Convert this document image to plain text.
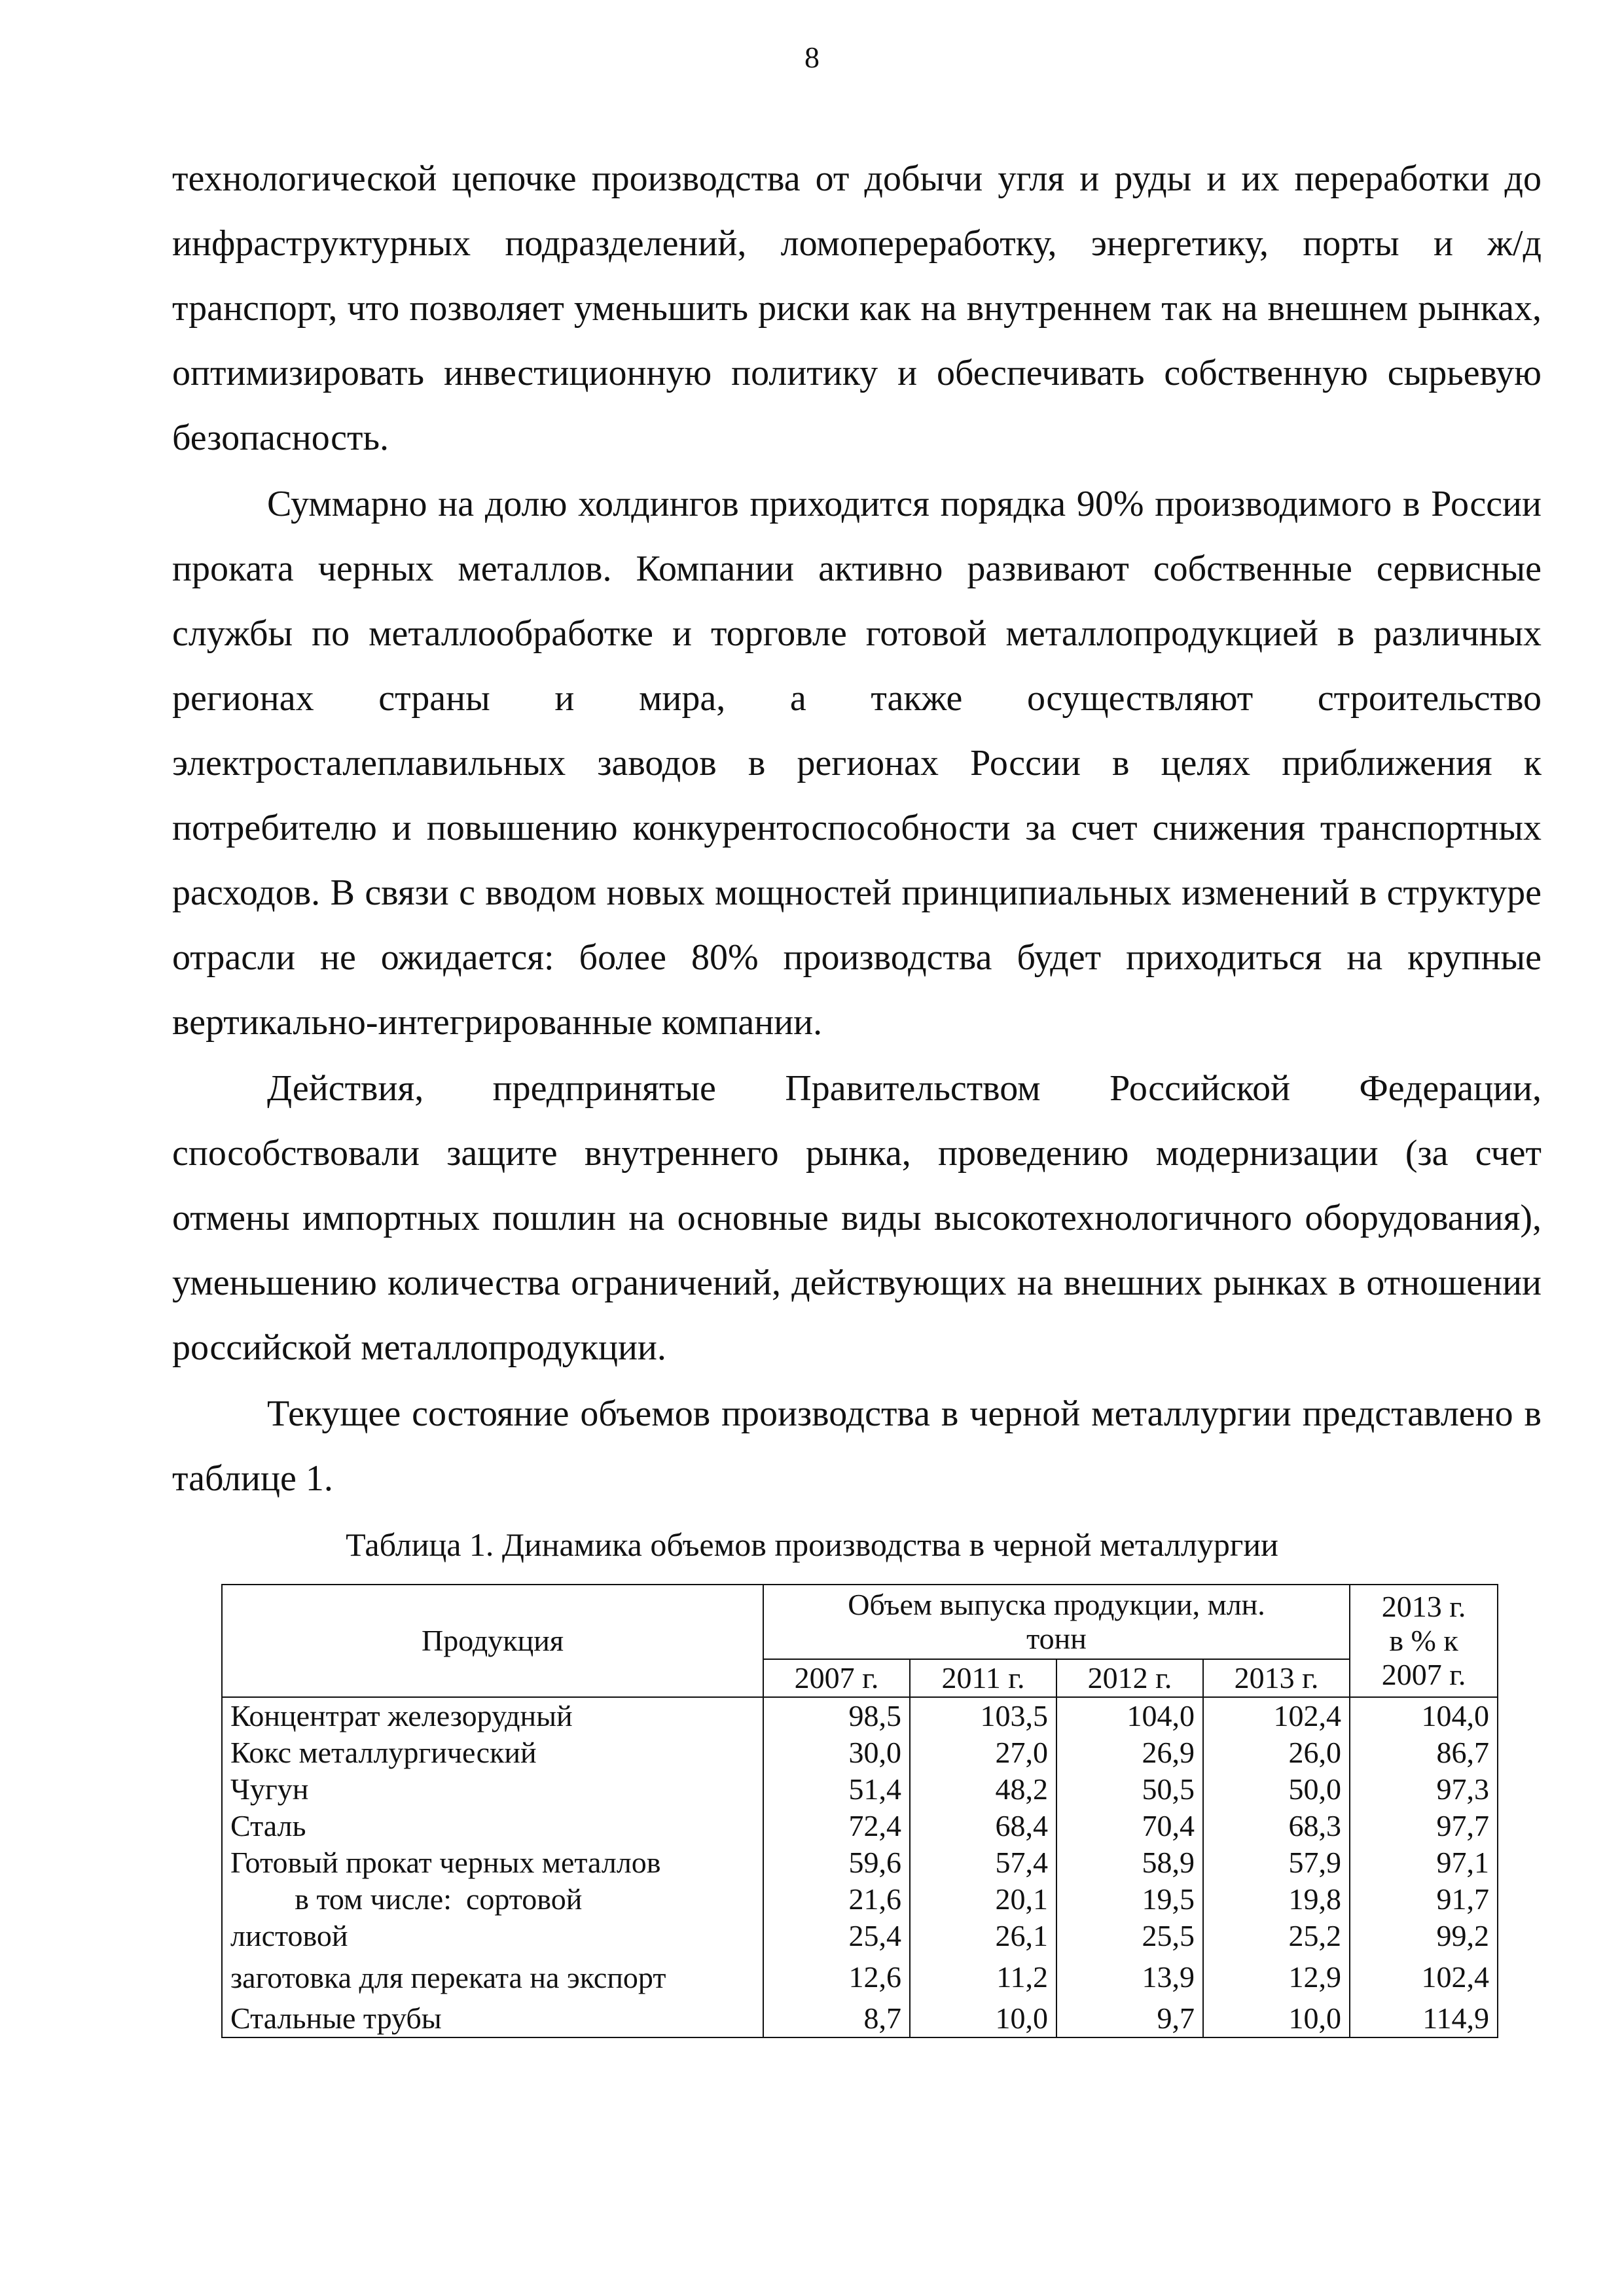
8

технологической цепочке производства от добычи угля и руды и их переработки до инфраструктурных подразделений, ломопереработку, энергетику, порты и ж/д транспорт, что позволяет уменьшить риски как на внутреннем так на внешнем рынках, оптимизировать инвестиционную политику и обеспечивать собственную сырьевую безопасность.

Суммарно на долю холдингов приходится порядка 90% производимого в России проката черных металлов. Компании активно развивают собственные сервисные службы по металлообработке и торговле готовой металлопродукцией в различных регионах страны и мира, а также осуществляют строительство электросталеплавильных заводов в регионах России в целях приближения к потребителю и повышению конкурентоспособности за счет снижения транспортных расходов. В связи с вводом новых мощностей принципиальных изменений в структуре отрасли не ожидается: более 80% производства будет приходиться на крупные вертикально-интегрированные компании.

Действия, предпринятые Правительством Российской Федерации, способствовали защите внутреннего рынка, проведению модернизации (за счет отмены импортных пошлин на основные виды высокотехнологичного оборудования), уменьшению количества ограничений, действующих на внешних рынках в отношении российской металлопродукции.

Текущее состояние объемов производства в черной металлургии представлено в таблице 1.

Таблица 1. Динамика объемов производства в черной металлургии
Продукция	Объем выпуска продукции, млн. тонн				2013 г. в % к 2007 г.
	2007 г.	2011 г.	2012 г.	2013 г.	
Концентрат железорудный	98,5	103,5	104,0	102,4	104,0
Кокс металлургический	30,0	27,0	26,9	26,0	86,7
Чугун	51,4	48,2	50,5	50,0	97,3
Сталь	72,4	68,4	70,4	68,3	97,7
Готовый прокат черных металлов	59,6	57,4	58,9	57,9	97,1

в том числе: сортовой	21,6	20,1	19,5	19,8	91,7
листовой	25,4	26,1	25,5	25,2	99,2
заготовка для переката на экспорт	12,6	11,2	13,9	12,9	102,4
Стальные трубы	8,7	10,0	9,7	10,0	114,9
